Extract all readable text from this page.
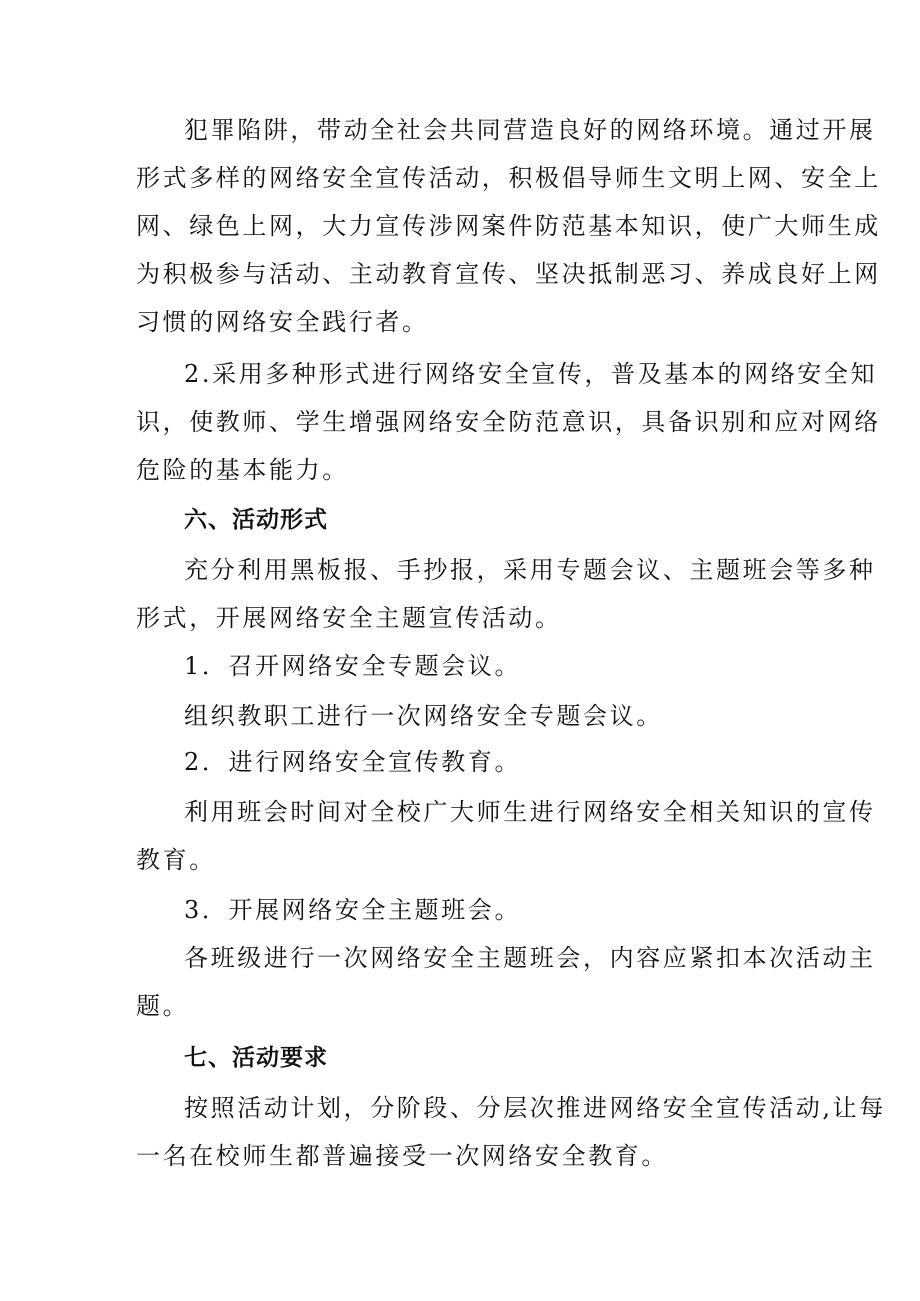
犯罪陷阱，带动全社会共同营造良好的网络环境。通过开展

形式多样的网络安全宣传活动，积极倡导师生文明上网、安全上

网、绿色上网，大力宣传涉网案件防范基本知识，使广大师生成

为积极参与活动、主动教育宣传、坚决抵制恶习、养成良好上网

习惯的网络安全践行者。

2.采用多种形式进行网络安全宣传，普及基本的网络安全知

识，使教师、学生增强网络安全防范意识，具备识别和应对网络

危险的基本能力。

六、活动形式

充分利用黑板报、手抄报，采用专题会议、主题班会等多种

形式，开展网络安全主题宣传活动。

1．召开网络安全专题会议。

组织教职工进行一次网络安全专题会议。

2．进行网络安全宣传教育。

利用班会时间对全校广大师生进行网络安全相关知识的宣传

教育。

3．开展网络安全主题班会。

各班级进行一次网络安全主题班会，内容应紧扣本次活动主

题。

七、活动要求

按照活动计划，分阶段、分层次推进网络安全宣传活动,让每

一名在校师生都普遍接受一次网络安全教育。
